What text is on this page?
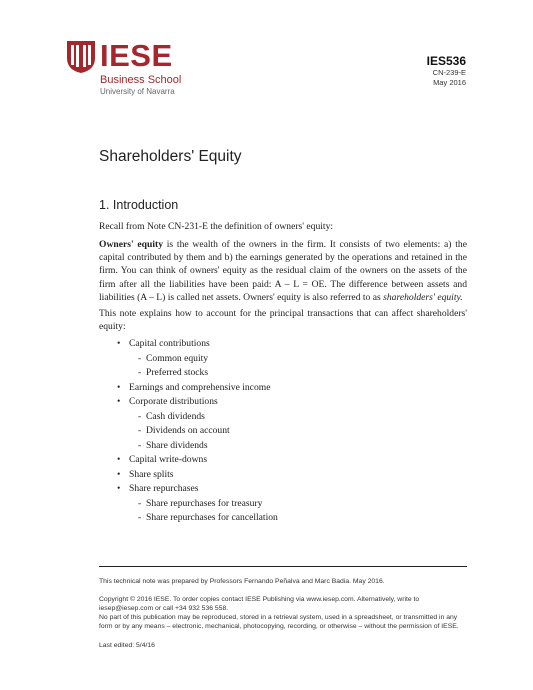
IESE
Business School
University of Navarra
IES536
CN-239-E
May 2016
Shareholders' Equity
1. Introduction
Recall from Note CN-231-E the definition of owners' equity:
Owners' equity is the wealth of the owners in the firm. It consists of two elements: a) the capital contributed by them and b) the earnings generated by the operations and retained in the firm. You can think of owners' equity as the residual claim of the owners on the assets of the firm after all the liabilities have been paid: A – L = OE. The difference between assets and liabilities (A – L) is called net assets. Owners' equity is also referred to as shareholders' equity.
This note explains how to account for the principal transactions that can affect shareholders' equity:
• Capital contributions
- Common equity
- Preferred stocks
• Earnings and comprehensive income
• Corporate distributions
- Cash dividends
- Dividends on account
- Share dividends
• Capital write-downs
• Share splits
• Share repurchases
- Share repurchases for treasury
- Share repurchases for cancellation
This technical note was prepared by Professors Fernando Peñalva and Marc Badia. May 2016.
Copyright © 2016 IESE. To order copies contact IESE Publishing via www.iesep.com. Alternatively, write to iesep@iesep.com or call +34 932 536 558.
No part of this publication may be reproduced, stored in a retrieval system, used in a spreadsheet, or transmitted in any form or by any means – electronic, mechanical, photocopying, recording, or otherwise – without the permission of IESE.
Last edited: 5/4/16
